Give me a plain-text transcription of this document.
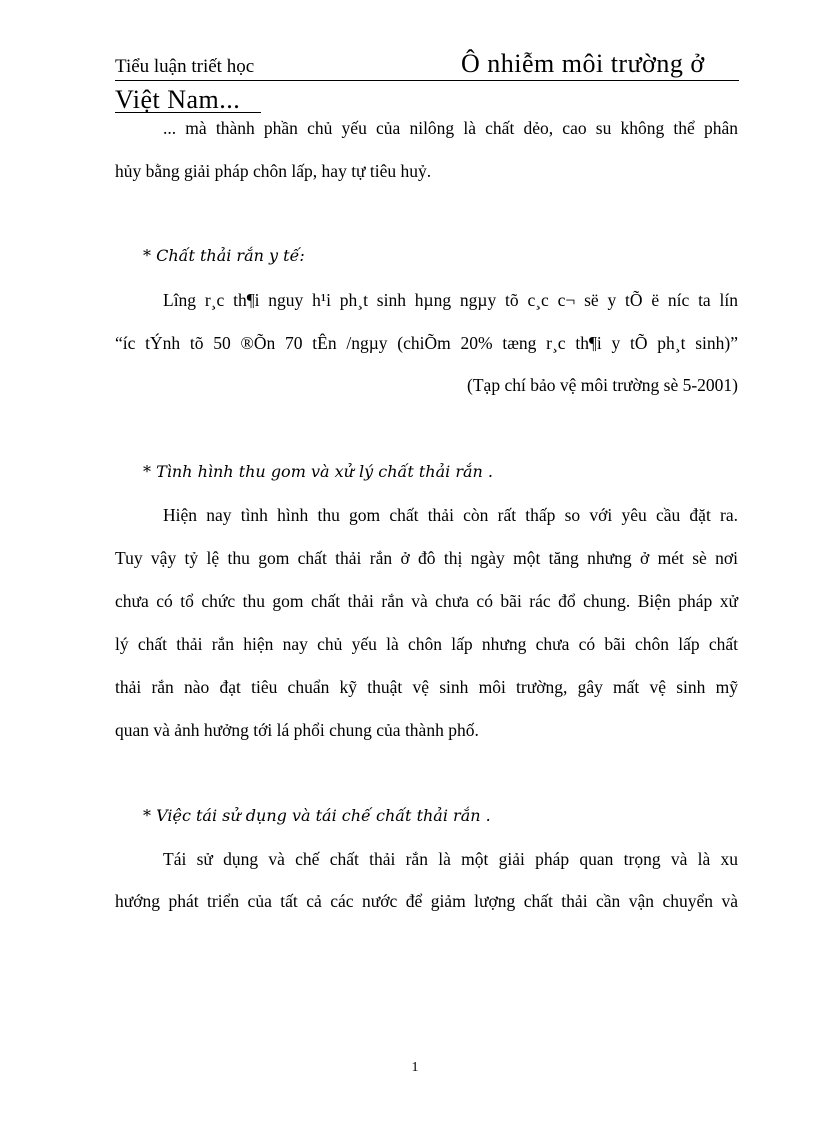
Tiểu luận triết học	Ô nhiễm môi trường ở
Việt Nam...
... mà thành phần chủ yếu của nilông là chất dẻo, cao su không thể phân
hủy bằng giải pháp chôn lấp, hay tự tiêu huỷ.
* Chất thải rắn y tế:
Lîng r¸c th¶i nguy h¹i ph¸t sinh hµng ngµy tõ c¸c c¬ së y tÕ ë níc ta lín
“íc tÝnh tõ 50 ®Õn 70 tÊn /ngµy (chiÕm 20% tæng r¸c th¶i y tÕ ph¸t sinh)”
(Tạp chí bảo vệ môi trường sè 5-2001)
* Tình hình thu gom và xử lý chất thải rắn .
Hiện nay tình hình thu gom chất thải còn rất thấp so với yêu cầu đặt ra.
Tuy vậy tỷ lệ thu gom chất thải rắn ở đô thị ngày một tăng nhưng ở mét sè nơi
chưa có tổ chức thu gom chất thải rắn và chưa có bãi rác đổ chung. Biện pháp xử
lý chất thải rắn hiện nay chủ yếu là chôn lấp nhưng chưa có bãi chôn lấp chất
thải rắn nào đạt tiêu chuẩn kỹ thuật vệ sinh môi trường, gây mất vệ sinh mỹ
quan và ảnh hưởng tới lá phổi chung của thành phố.
* Việc tái sử dụng và tái chế chất thải rắn .
Tái sử dụng và chế chất thải rắn là một giải pháp quan trọng và là xu
hướng phát triển của tất cả các nước để giảm lượng chất thải cần vận chuyển và
1
